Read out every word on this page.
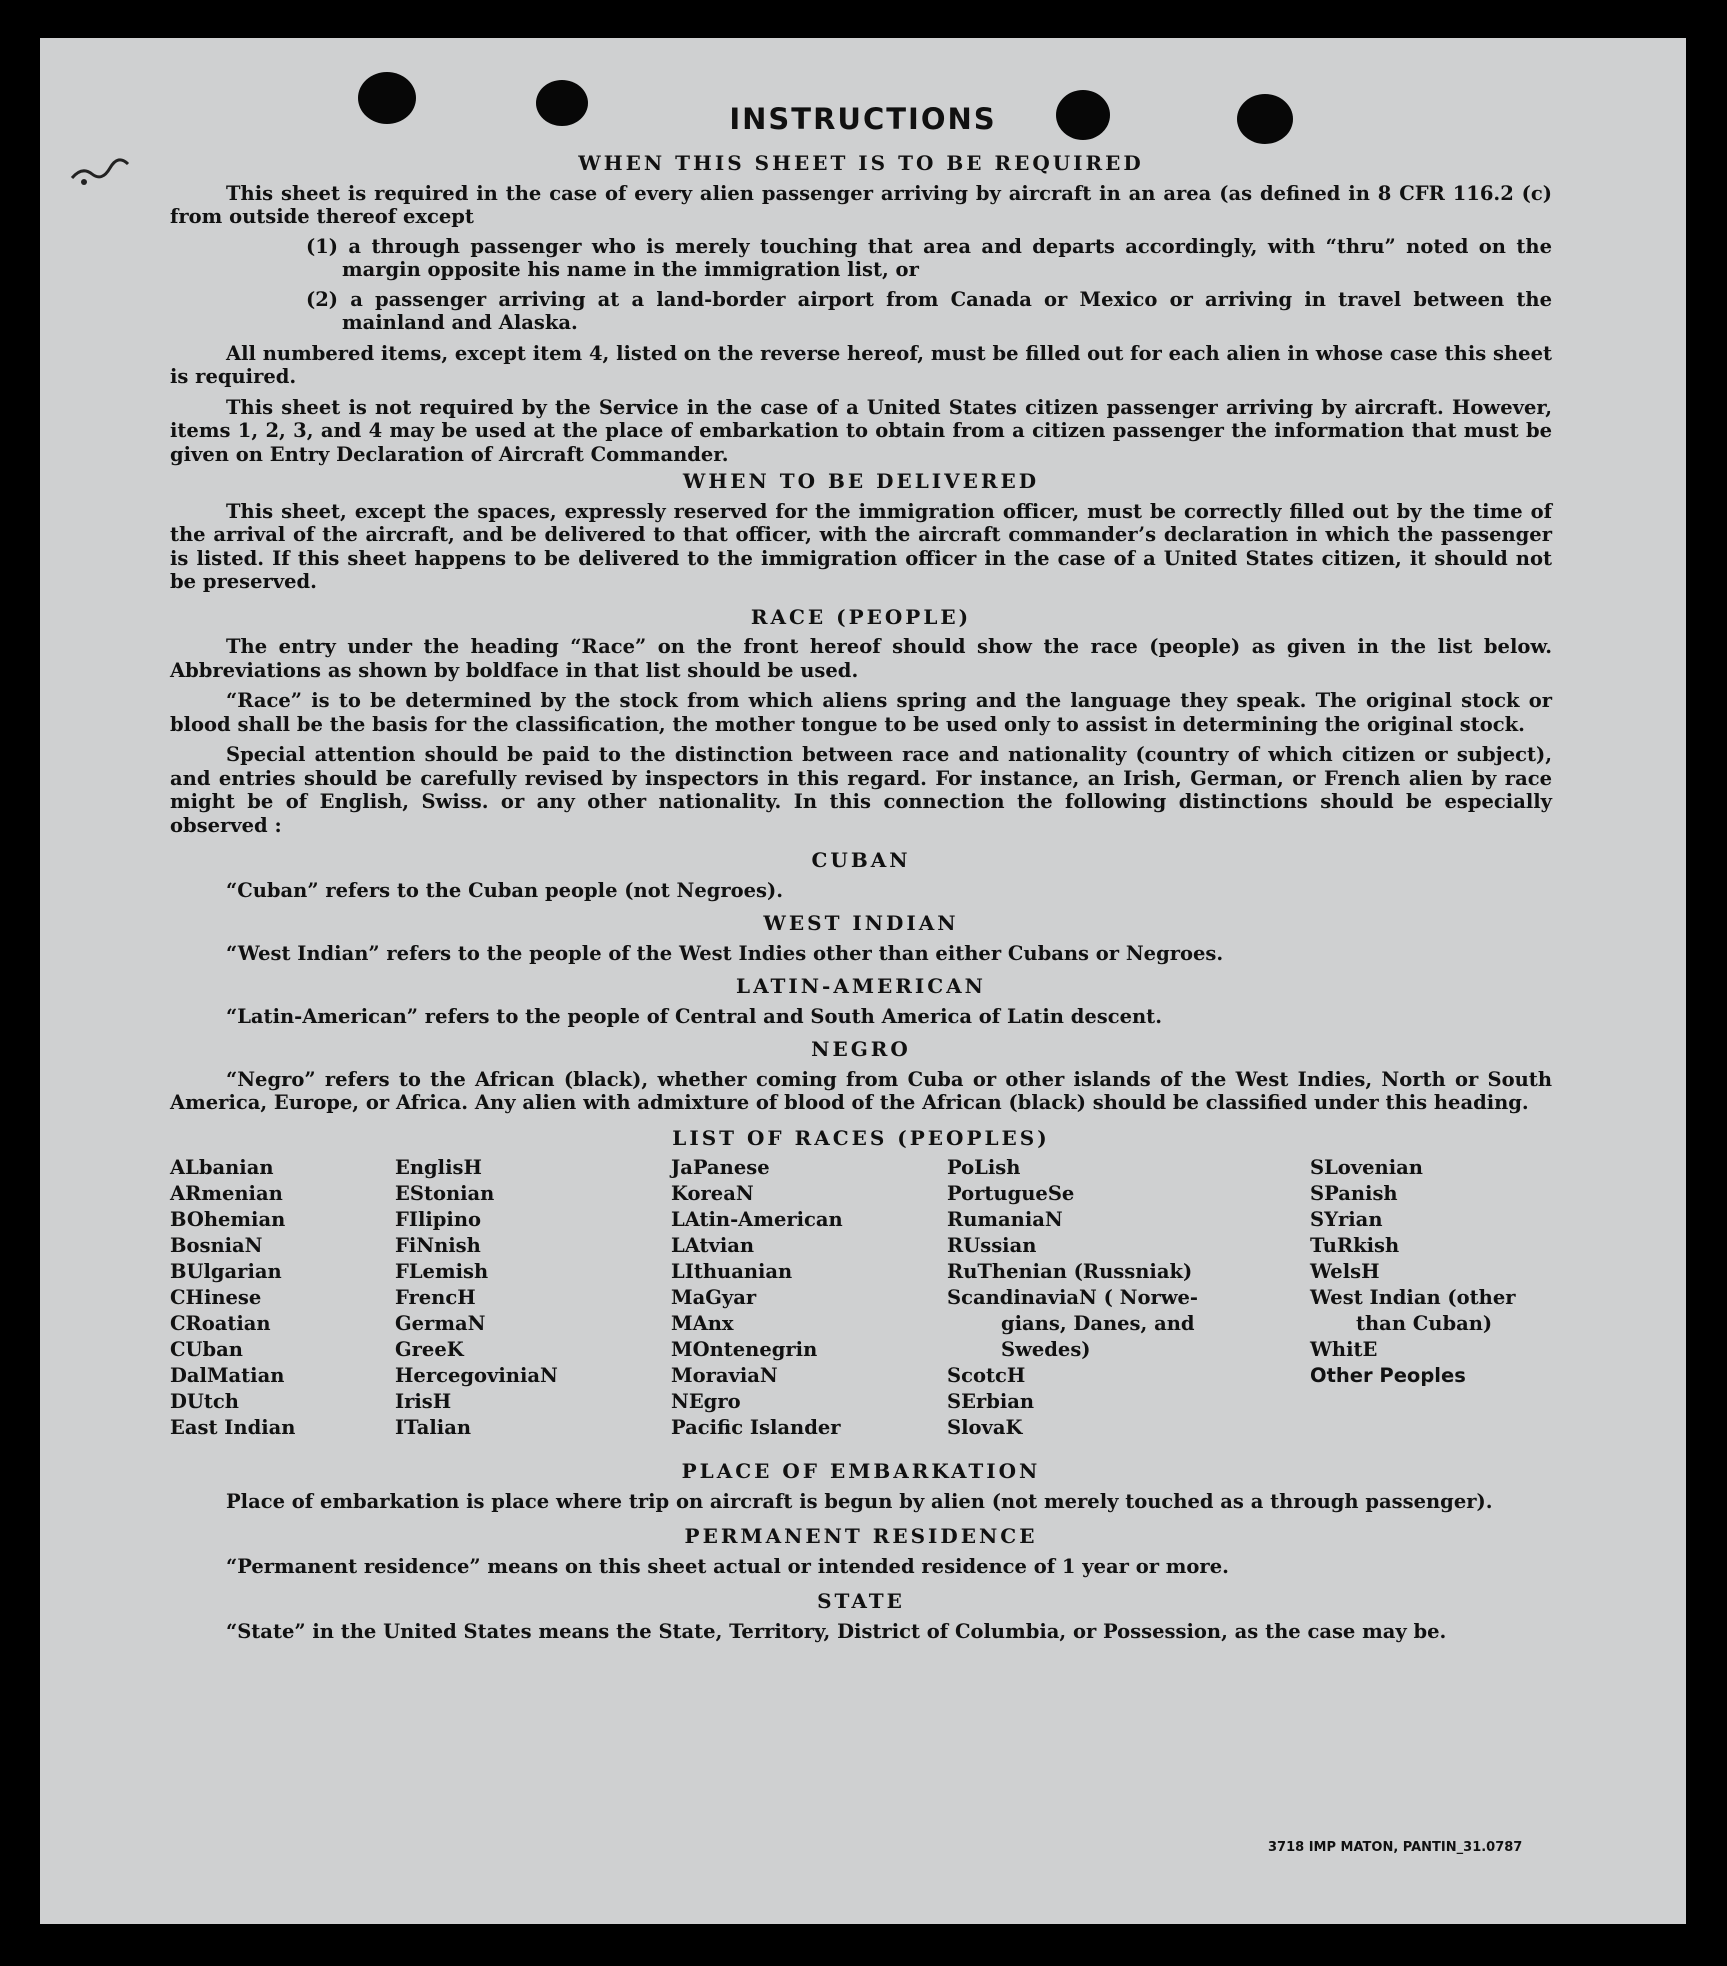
INSTRUCTIONS
WHEN THIS SHEET IS TO BE REQUIRED

This sheet is required in the case of every alien passenger arriving by aircraft in an area (as defined in 8 CFR 116.2 (c) from outside thereof except

(1) a through passenger who is merely touching that area and departs accordingly, with “thru” noted on the margin opposite his name in the immigration list, or

(2) a passenger arriving at a land-border airport from Canada or Mexico or arriving in travel between the mainland and Alaska.

All numbered items, except item 4, listed on the reverse hereof, must be filled out for each alien in whose case this sheet is required.

This sheet is not required by the Service in the case of a United States citizen passenger arriving by aircraft. However, items 1, 2, 3, and 4 may be used at the place of embarkation to obtain from a citizen passenger the information that must be given on Entry Declaration of Aircraft Commander.

WHEN TO BE DELIVERED

This sheet, except the spaces, expressly reserved for the immigration officer, must be correctly filled out by the time of the arrival of the aircraft, and be delivered to that officer, with the aircraft commander’s declaration in which the passenger is listed. If this sheet happens to be delivered to the immigration officer in the case of a United States citizen, it should not be preserved.

RACE (PEOPLE)

The entry under the heading “Race” on the front hereof should show the race (people) as given in the list below. Abbreviations as shown by boldface in that list should be used.

“Race” is to be determined by the stock from which aliens spring and the language they speak. The original stock or blood shall be the basis for the classification, the mother tongue to be used only to assist in determining the original stock.

Special attention should be paid to the distinction between race and nationality (country of which citizen or subject), and entries should be carefully revised by inspectors in this regard. For instance, an Irish, German, or French alien by race might be of English, Swiss. or any other nationality. In this connection the following distinctions should be especially observed :

CUBAN

“Cuban” refers to the Cuban people (not Negroes).

WEST INDIAN

“West Indian” refers to the people of the West Indies other than either Cubans or Negroes.

LATIN-AMERICAN

“Latin-American” refers to the people of Central and South America of Latin descent.

NEGRO

“Negro” refers to the African (black), whether coming from Cuba or other islands of the West Indies, North or South America, Europe, or Africa. Any alien with admixture of blood of the African (black) should be classified under this heading.

LIST OF RACES (PEOPLES)
ALbanian
ARmenian
BOhemian
BosniaN
BUlgarian
CHinese
CRoatian
CUban
DalMatian
DUtch
East Indian
EnglisH
EStonian
FIlipino
FiNnish
FLemish
FrencH
GermaN
GreeK
HercegoviniaN
IrisH
ITalian
JaPanese
KoreaN
LAtin-American
LAtvian
LIthuanian
MaGyar
MAnx
MOntenegrin
MoraviaN
NEgro
Pacific Islander
PoLish
PortugueSe
RumaniaN
RUssian
RuThenian (Russniak)
ScandinaviaN ( Norwe-
gians, Danes, and
Swedes)
ScotcH
SErbian
SlovaK
SLovenian
SPanish
SYrian
TuRkish
WelsH
West Indian (other
than Cuban)
WhitE
Other Peoples
PLACE OF EMBARKATION

Place of embarkation is place where trip on aircraft is begun by alien (not merely touched as a through passenger).

PERMANENT RESIDENCE

“Permanent residence” means on this sheet actual or intended residence of 1 year or more.

STATE

“State” in the United States means the State, Territory, District of Columbia, or Possession, as the case may be.

3718 IMP MATON, PANTIN_31.0787
